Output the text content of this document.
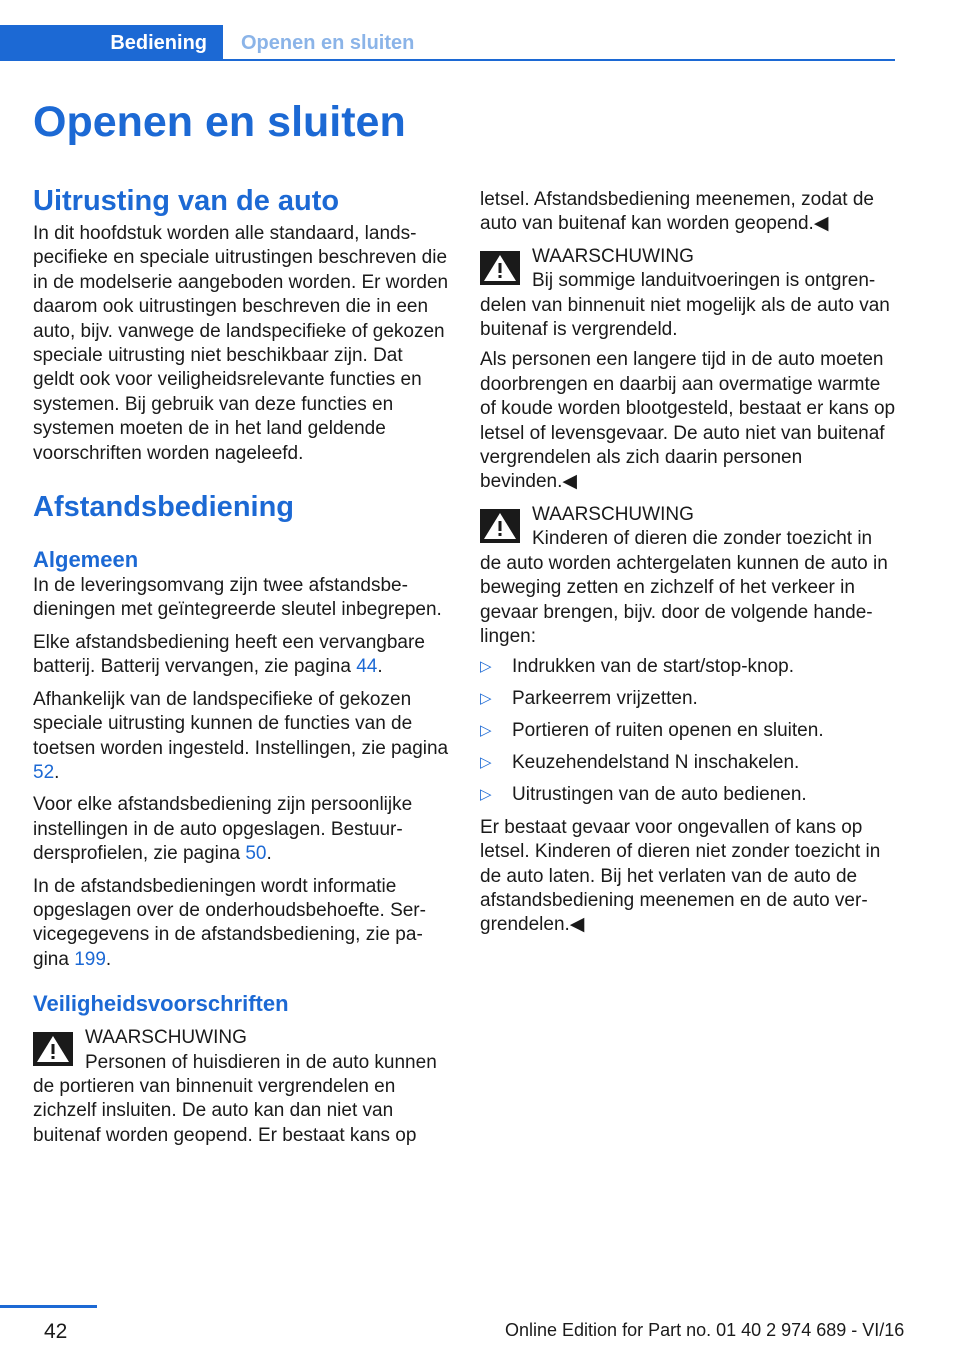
Bediening Openen en sluiten
Openen en sluiten
Uitrusting van de auto

In dit hoofdstuk worden alle standaard, landspecifieke en speciale uitrustingen beschreven die in de modelserie aangeboden worden. Er worden daarom ook uitrustingen beschreven die in een auto, bijv. vanwege de landspecifieke of gekozen speciale uitrusting niet beschikbaar zijn. Dat geldt ook voor veiligheidsrelevante functies en systemen. Bij gebruik van deze functies en systemen moeten de in het land geldende voorschriften worden nageleefd.

Afstandsbediening
Algemeen

In de leveringsomvang zijn twee afstandsbedieningen met geïntegreerde sleutel inbegrepen.

Elke afstandsbediening heeft een vervangbare batterij. Batterij vervangen, zie pagina 44.

Afhankelijk van de landspecifieke of gekozen speciale uitrusting kunnen de functies van de toetsen worden ingesteld. Instellingen, zie pagina 52.

Voor elke afstandsbediening zijn persoonlijke instellingen in de auto opgeslagen. Bestuurdersprofielen, zie pagina 50.

In de afstandsbedieningen wordt informatie opgeslagen over de onderhoudsbehoefte. Servicegegevens in de afstandsbediening, zie pagina 199.

Veiligheidsvoorschriften
WAARSCHUWING
Personen of huisdieren in de auto kunnen de portieren van binnenuit vergrendelen en zichzelf insluiten. De auto kan dan niet van buitenaf worden geopend. Er bestaat kans op

letsel. Afstandsbediening meenemen, zodat de auto van buitenaf kan worden geopend.◀

WAARSCHUWING
Bij sommige landuitvoeringen is ontgrendelen van binnenuit niet mogelijk als de auto van buitenaf is vergrendeld.

Als personen een langere tijd in de auto moeten doorbrengen en daarbij aan overmatige warmte of koude worden blootgesteld, bestaat er kans op letsel of levensgevaar. De auto niet van buitenaf vergrendelen als zich daarin personen bevinden.◀

WAARSCHUWING
Kinderen of dieren die zonder toezicht in de auto worden achtergelaten kunnen de auto in beweging zetten en zichzelf of het verkeer in gevaar brengen, bijv. door de volgende handelingen:
▷	Indrukken van de start/stop-knop.
▷	Parkeerrem vrijzetten.
▷	Portieren of ruiten openen en sluiten.
▷	Keuzehendelstand N inschakelen.
▷	Uitrustingen van de auto bedienen.

Er bestaat gevaar voor ongevallen of kans op letsel. Kinderen of dieren niet zonder toezicht in de auto laten. Bij het verlaten van de auto de afstandsbediening meenemen en de auto vergrendelen.◀

42	Online Edition for Part no. 01 40 2 974 689 - VI/16
